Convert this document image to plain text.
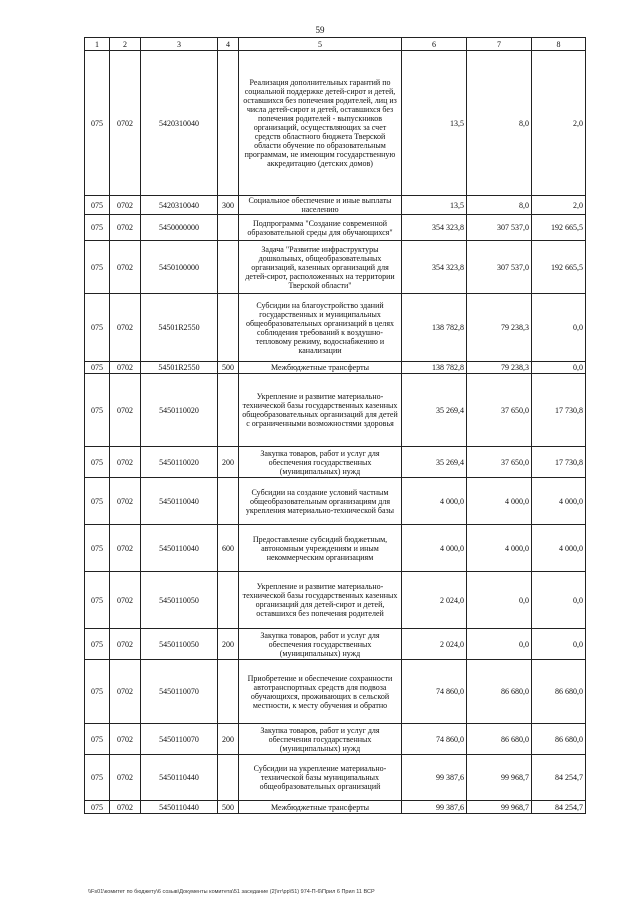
59
1	2	3	4	5	6	7	8
075	0702	5420310040		Реализация дополнительных гарантий по социальной поддержке детей-сирот и детей, оставшихся без попечения родителей, лиц из числа детей-сирот и детей, оставшихся без попечения родителей - выпускников организаций, осуществляющих за счет средств областного бюджета Тверской области обучение по образовательным программам, не имеющим государственную аккредитацию (детских домов)	13,5	8,0	2,0
075	0702	5420310040	300	Социальное обеспечение и иные выплаты населению	13,5	8,0	2,0
075	0702	5450000000		Подпрограмма "Создание современной образовательной среды для обучающихся"	354 323,8	307 537,0	192 665,5
075	0702	5450100000		Задача "Развитие инфраструктуры дошкольных, общеобразовательных организаций, казенных организаций для детей-сирот, расположенных на территории Тверской области"	354 323,8	307 537,0	192 665,5
075	0702	54501R2550		Субсидии на благоустройство зданий государственных и муниципальных общеобразовательных организаций в целях соблюдения требований к воздушно-тепловому режиму, водоснабжению и канализации	138 782,8	79 238,3	0,0
075	0702	54501R2550	500	Межбюджетные трансферты	138 782,8	79 238,3	0,0
075	0702	5450110020		Укрепление и развитие материально-технической базы государственных казенных общеобразовательных организаций для детей с ограниченными возможностями здоровья	35 269,4	37 650,0	17 730,8
075	0702	5450110020	200	Закупка товаров, работ и услуг для обеспечения государственных (муниципальных) нужд	35 269,4	37 650,0	17 730,8
075	0702	5450110040		Субсидии на создание условий частным общеобразовательным организациям для укрепления материально-технической базы	4 000,0	4 000,0	4 000,0
075	0702	5450110040	600	Предоставление субсидий бюджетным, автономным учреждениям и иным некоммерческим организациям	4 000,0	4 000,0	4 000,0
075	0702	5450110050		Укрепление и развитие материально-технической базы государственных казенных организаций для детей-сирот и детей, оставшихся без попечения родителей	2 024,0	0,0	0,0
075	0702	5450110050	200	Закупка товаров, работ и услуг для обеспечения государственных (муниципальных) нужд	2 024,0	0,0	0,0
075	0702	5450110070		Приобретение и обеспечение сохранности автотранспортных средств для подвоза обучающихся, проживающих в сельской местности, к месту обучения и обратно	74 860,0	86 680,0	86 680,0
075	0702	5450110070	200	Закупка товаров, работ и услуг для обеспечения государственных (муниципальных) нужд	74 860,0	86 680,0	86 680,0
075	0702	5450110440		Субсидии на укрепление материально-технической базы муниципальных общеобразовательных организаций	99 387,6	99 968,7	84 254,7
075	0702	5450110440	500	Межбюджетные трансферты	99 387,6	99 968,7	84 254,7
\\Fs01\комитет по бюджету\6 созыв\Документы комитета\51 заседание (2)\гг\рр\51) 974-П-6\Прил 6 Прил 11 ВСР
